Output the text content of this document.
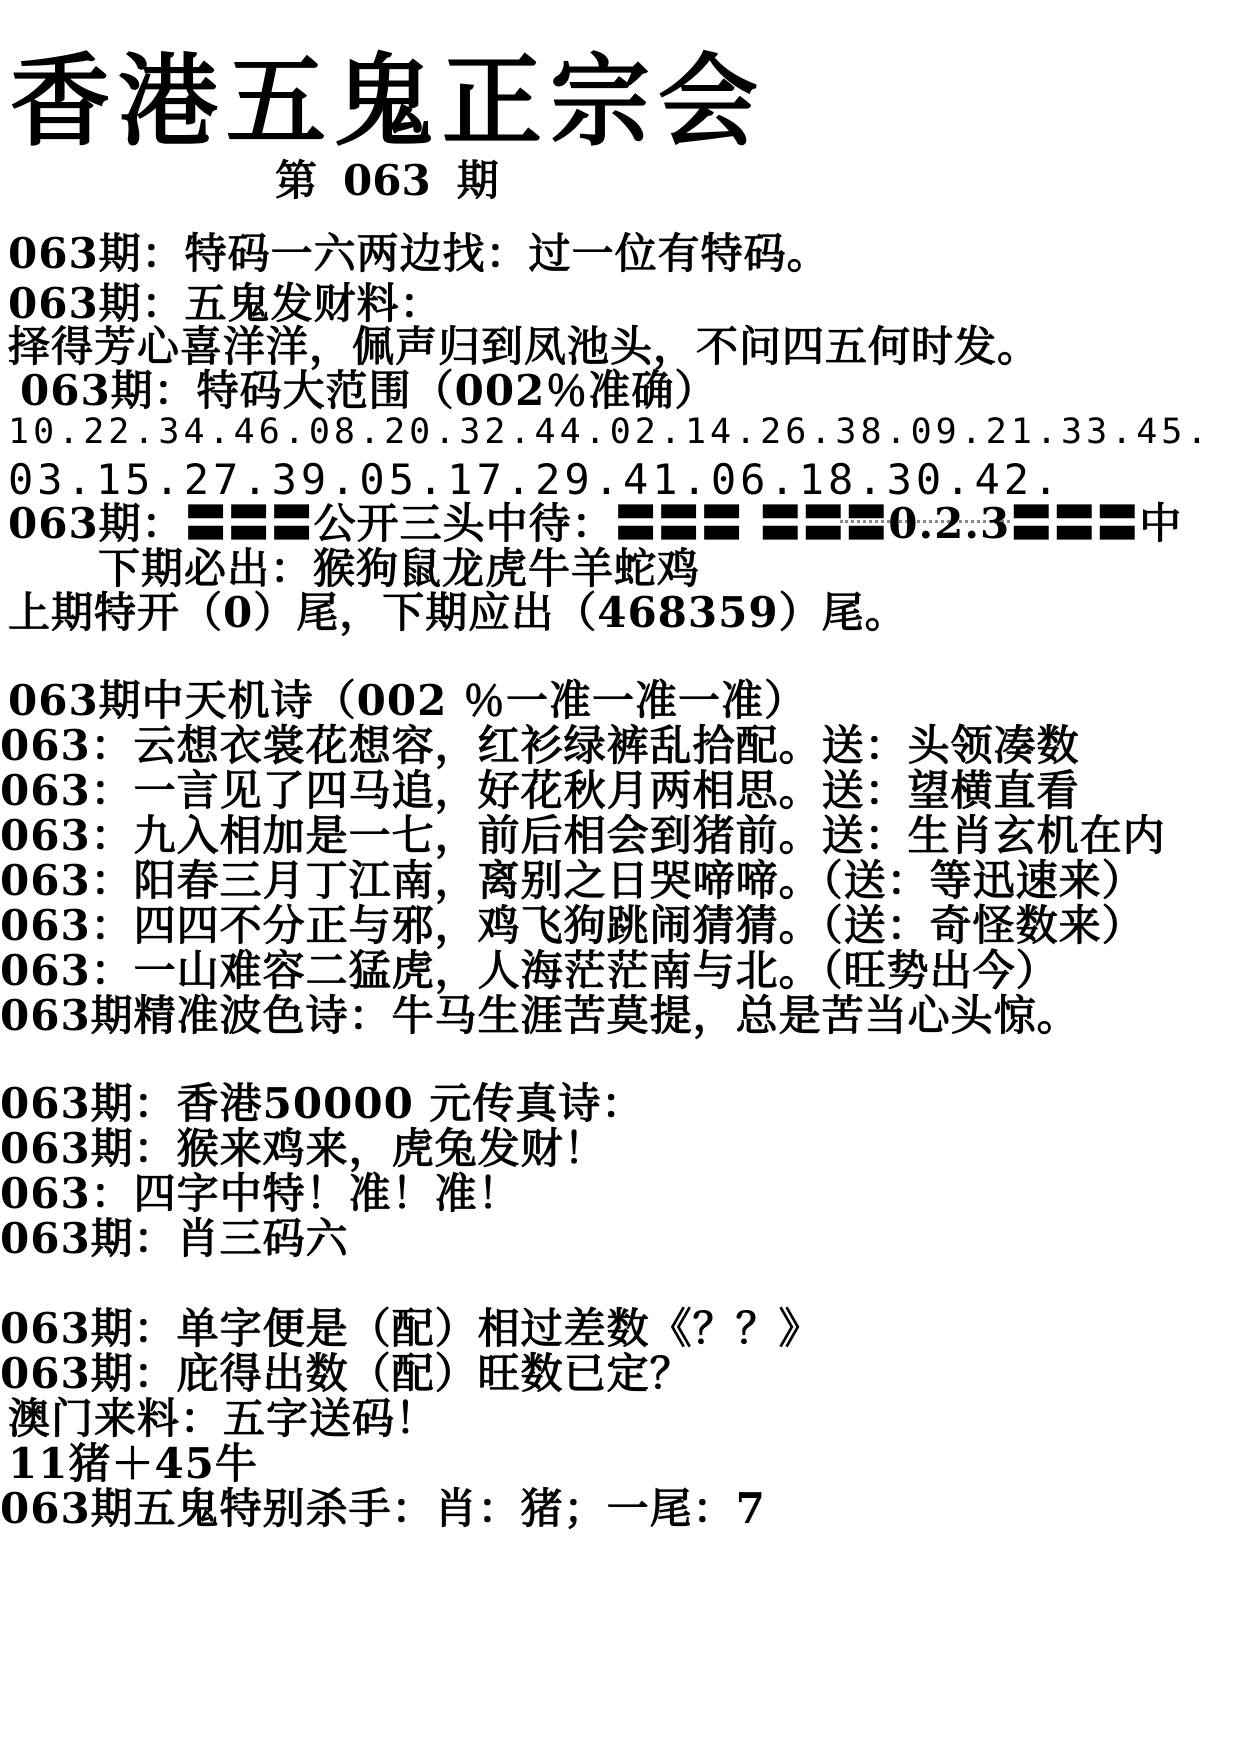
香港五鬼正宗会
第 063 期
063期：特码一六两边找：过一位有特码。
063期：五鬼发财料：
择得芳心喜洋洋，佩声归到凤池头，不问四五何时发。
063期：特码大范围（002％准确）
10.22.34.46.08.20.32.44.02.14.26.38.09.21.33.45.
03.15.27.39.05.17.29.41.06.18.30.42.
063期：〓〓〓公开三头中待：〓〓〓 〓〓〓0.2.3〓〓〓中
下期必出：猴狗鼠龙虎牛羊蛇鸡
上期特开（0）尾，下期应出（468359）尾。
063期中天机诗（002 ％一准一准一准）
063：云想衣裳花想容，红衫绿裤乱拾配。送：头领凑数
063：一言见了四马追，好花秋月两相思。送：望横直看
063：九入相加是一七，前后相会到猪前。送：生肖玄机在内
063：阳春三月丁江南，离别之日哭啼啼。（送：等迅速来）
063：四四不分正与邪，鸡飞狗跳闹猜猜。（送：奇怪数来）
063：一山难容二猛虎，人海茫茫南与北。（旺势出今）
063期精准波色诗：牛马生涯苦莫提，总是苦当心头惊。
063期：香港50000 元传真诗：
063期：猴来鸡来，虎兔发财！
063：四字中特！准！准！
063期：肖三码六
063期：单字便是（配）相过差数《？？》
063期：庇得出数（配）旺数已定？
澳门来料：五字送码！
11猪＋45牛
063期五鬼特别杀手：肖：猪；一尾：7
